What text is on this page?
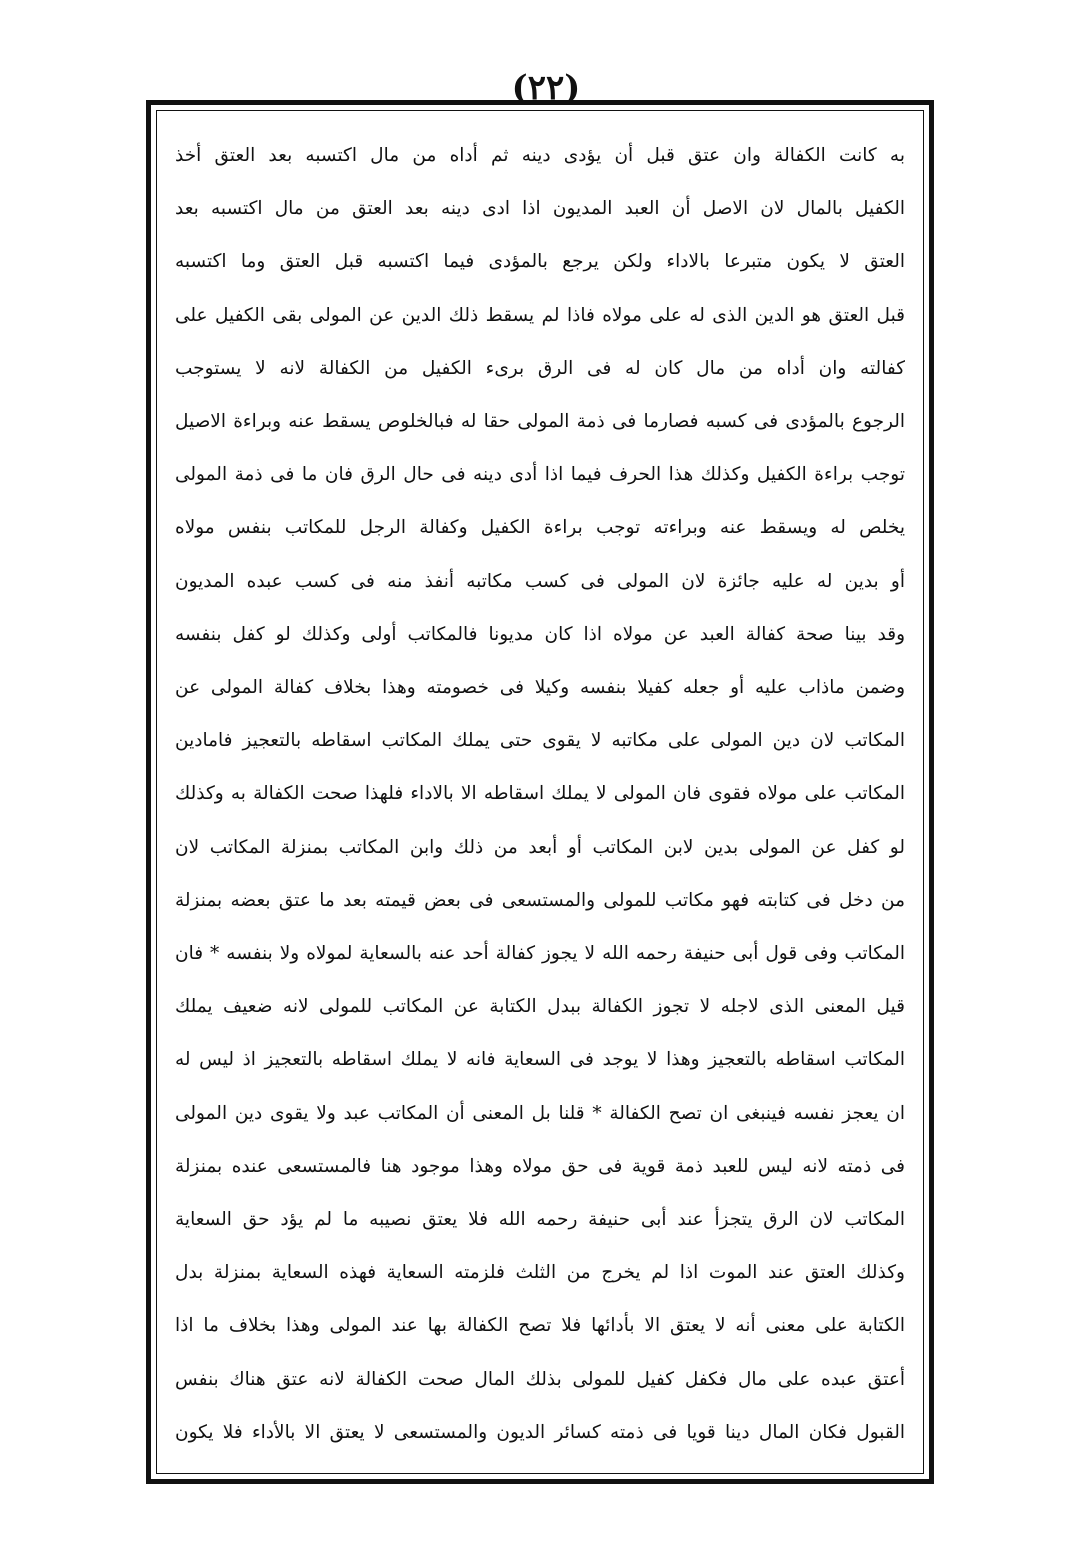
(٢٢)
به كانت الكفالة وان عتق قبل أن يؤدى دينه ثم أداه من مال اكتسبه بعد العتق أخذ
الكفيل بالمال لان الاصل أن العبد المديون اذا ادى دينه بعد العتق من مال اكتسبه بعد
العتق لا يكون متبرعا بالاداء ولكن يرجع بالمؤدى فيما اكتسبه قبل العتق وما اكتسبه
قبل العتق هو الدين الذى له على مولاه فاذا لم يسقط ذلك الدين عن المولى بقى الكفيل على
كفالته وان أداه من مال كان له فى الرق برىء الكفيل من الكفالة لانه لا يستوجب
الرجوع بالمؤدى فى كسبه فصارما فى ذمة المولى حقا له فبالخلوص يسقط عنه وبراءة الاصيل
توجب براءة الكفيل وكذلك هذا الحرف فيما اذا أدى دينه فى حال الرق فان ما فى ذمة المولى
يخلص له ويسقط عنه وبراءته توجب براءة الكفيل وكفالة الرجل للمكاتب بنفس مولاه
أو بدين له عليه جائزة لان المولى فى كسب مكاتبه أنفذ منه فى كسب عبده المديون
وقد بينا صحة كفالة العبد عن مولاه اذا كان مديونا فالمكاتب أولى وكذلك لو كفل بنفسه
وضمن ماذاب عليه أو جعله كفيلا بنفسه وكيلا فى خصومته وهذا بخلاف كفالة المولى عن
المكاتب لان دين المولى على مكاتبه لا يقوى حتى يملك المكاتب اسقاطه بالتعجيز فامادين
المكاتب على مولاه فقوى فان المولى لا يملك اسقاطه الا بالاداء فلهذا صحت الكفالة به وكذلك
لو كفل عن المولى بدين لابن المكاتب أو أبعد من ذلك وابن المكاتب بمنزلة المكاتب لان
من دخل فى كتابته فهو مكاتب للمولى والمستسعى فى بعض قيمته بعد ما عتق بعضه بمنزلة
المكاتب وفى قول أبى حنيفة رحمه الله لا يجوز كفالة أحد عنه بالسعاية لمولاه ولا بنفسه * فان
قيل المعنى الذى لاجله لا تجوز الكفالة ببدل الكتابة عن المكاتب للمولى لانه ضعيف يملك
المكاتب اسقاطه بالتعجيز وهذا لا يوجد فى السعاية فانه لا يملك اسقاطه بالتعجيز اذ ليس له
ان يعجز نفسه فينبغى ان تصح الكفالة * قلنا بل المعنى أن المكاتب عبد ولا يقوى دين المولى
فى ذمته لانه ليس للعبد ذمة قوية فى حق مولاه وهذا موجود هنا فالمستسعى عنده بمنزلة
المكاتب لان الرق يتجزأ عند أبى حنيفة رحمه الله فلا يعتق نصيبه ما لم يؤد حق السعاية
وكذلك العتق عند الموت اذا لم يخرج من الثلث فلزمته السعاية فهذه السعاية بمنزلة بدل
الكتابة على معنى أنه لا يعتق الا بأدائها فلا تصح الكفالة بها عند المولى وهذا بخلاف ما اذا
أعتق عبده على مال فكفل كفيل للمولى بذلك المال صحت الكفالة لانه عتق هناك بنفس
القبول فكان المال دينا قويا فى ذمته كسائر الديون والمستسعى لا يعتق الا بالأداء فلا يكون
